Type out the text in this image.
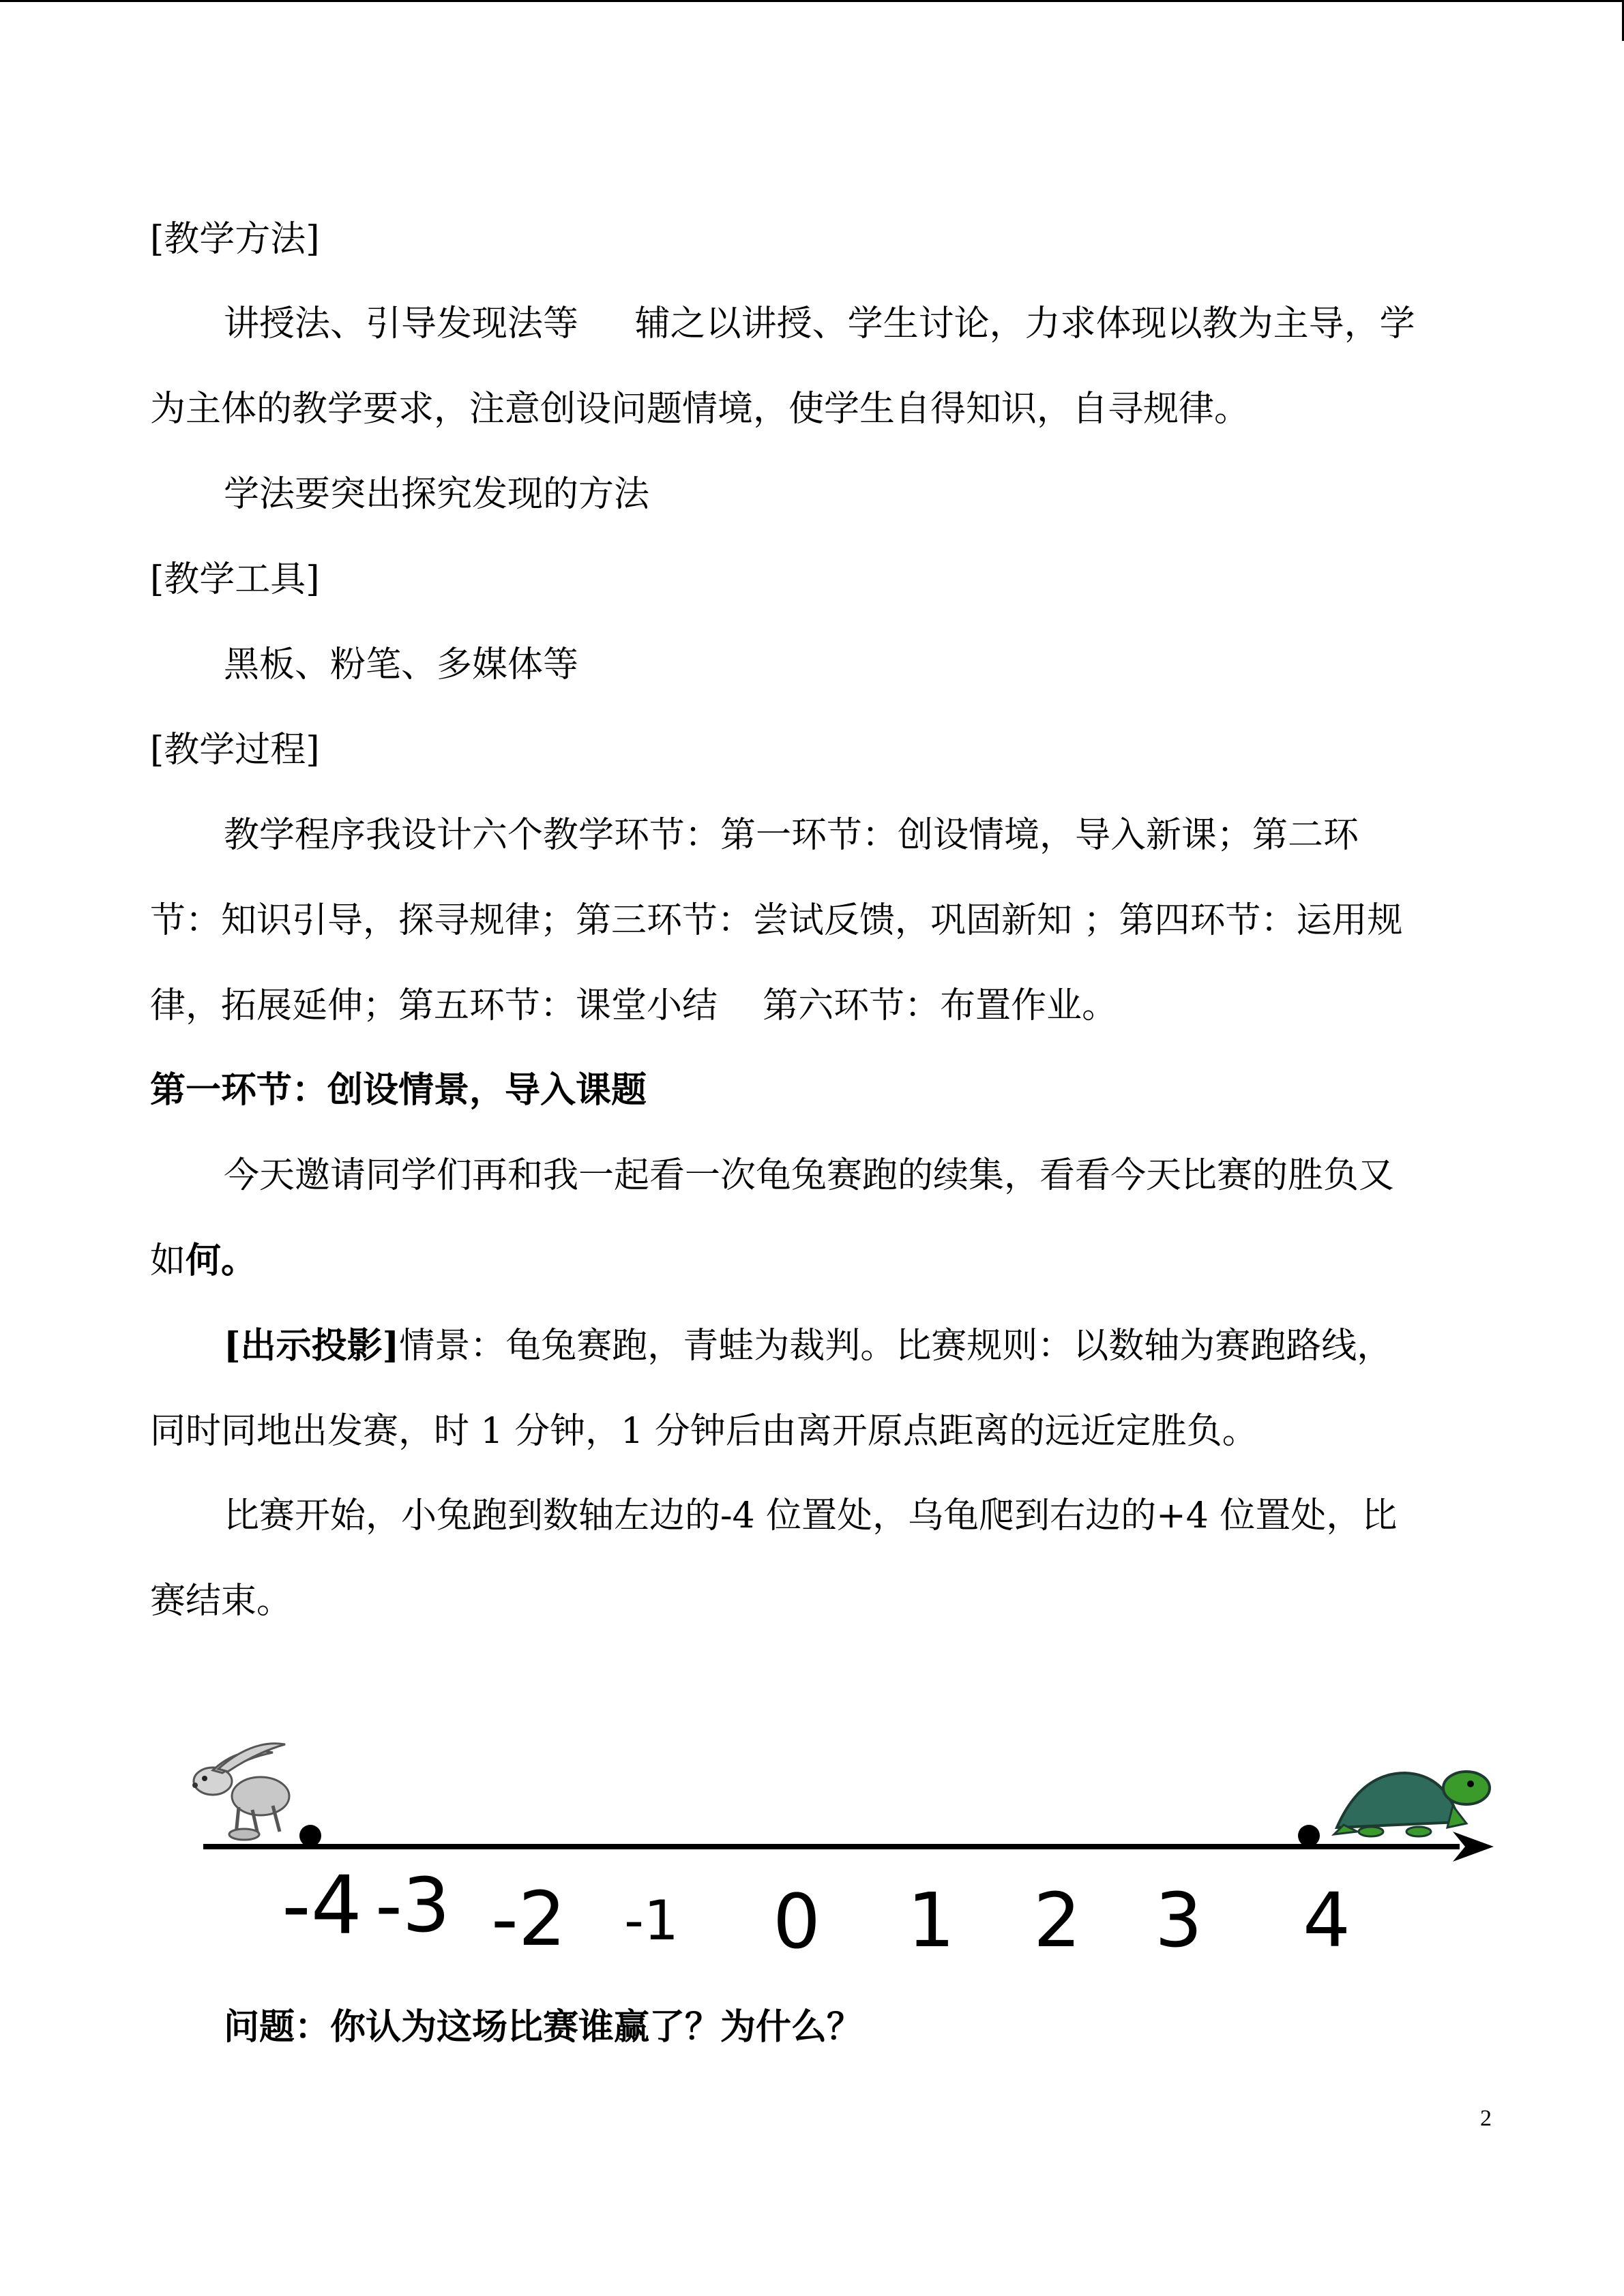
[教学方法]
讲授法、引导发现法等     辅之以讲授、学生讨论，力求体现以教为主导，学
为主体的教学要求，注意创设问题情境，使学生自得知识，自寻规律。
学法要突出探究发现的方法
[教学工具]
黑板、粉笔、多媒体等
[教学过程]
教学程序我设计六个教学环节：第一环节：创设情境，导入新课；第二环
节：知识引导，探寻规律；第三环节：尝试反馈，巩固新知 ；第四环节：运用规
律，拓展延伸；第五环节：课堂小结    第六环节：布置作业。
第一环节：创设情景，导入课题
今天邀请同学们再和我一起看一次龟兔赛跑的续集，看看今天比赛的胜负又
如何。
[出示投影]情景：龟兔赛跑，青蛙为裁判。比赛规则：以数轴为赛跑路线，
同时同地出发赛，时 1 分钟，1 分钟后由离开原点距离的远近定胜负。
比赛开始，小兔跑到数轴左边的-4 位置处，乌龟爬到右边的+4 位置处，比
赛结束。
-4 -3 -2 -1 0 1 2 3 4
问题：你认为这场比赛谁赢了？为什么？
2
